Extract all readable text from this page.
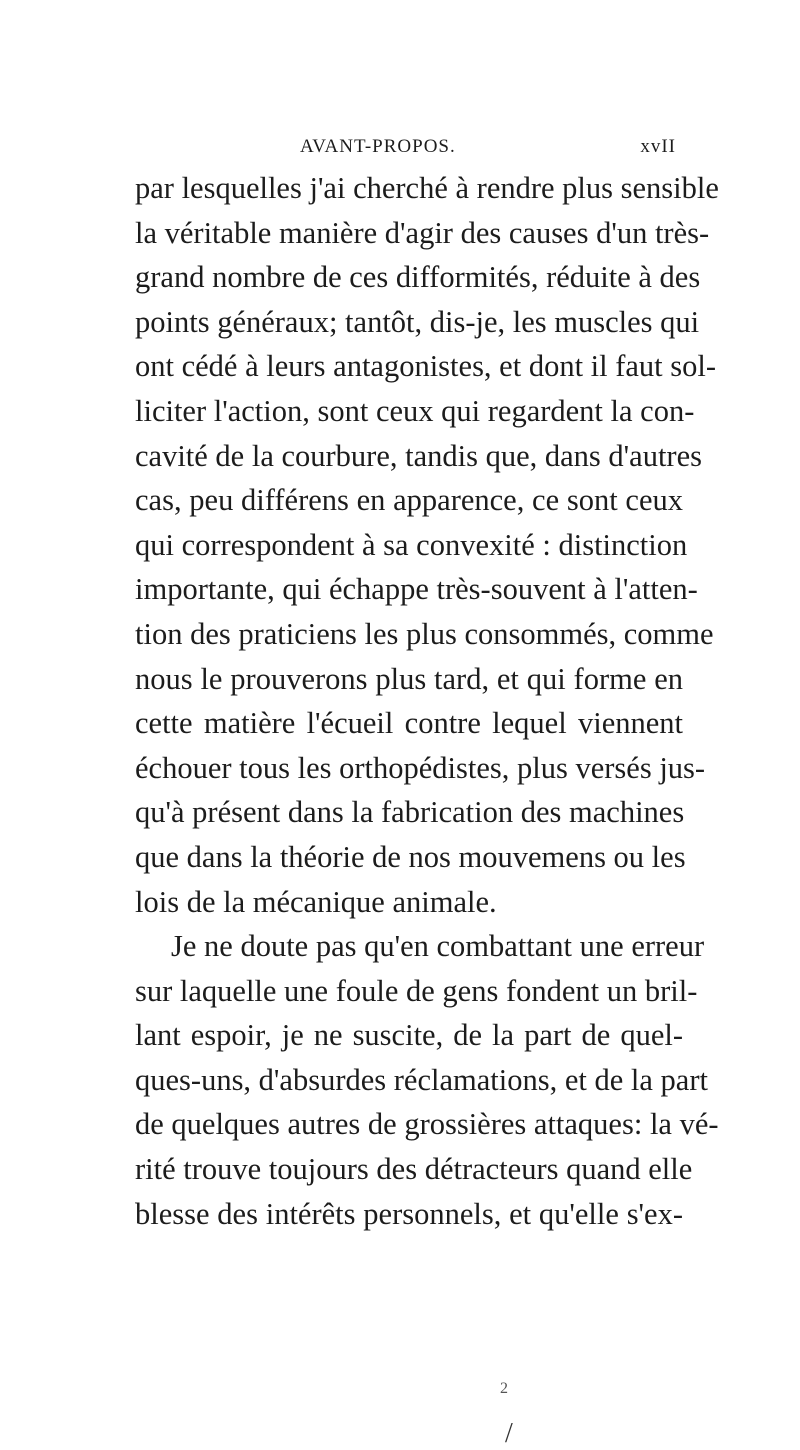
AVANT-PROPOS.	xvII
par lesquelles j'ai cherché à rendre plus sensible
la véritable manière d'agir des causes d'un très-
grand nombre de ces difformités, réduite à des
points généraux; tantôt, dis-je, les muscles qui
ont cédé à leurs antagonistes, et dont il faut sol-
liciter l'action, sont ceux qui regardent la con-
cavité de la courbure, tandis que, dans d'autres
cas, peu différens en apparence, ce sont ceux
qui correspondent à sa convexité : distinction
importante, qui échappe très-souvent à l'atten-
tion des praticiens les plus consommés, comme
nous le prouverons plus tard, et qui forme en
cette matière l'écueil contre lequel viennent
échouer tous les orthopédistes, plus versés jus-
qu'à présent dans la fabrication des machines
que dans la théorie de nos mouvemens ou les
lois de la mécanique animale.
Je ne doute pas qu'en combattant une erreur
sur laquelle une foule de gens fondent un bril-
lant espoir, je ne suscite, de la part de quel-
ques-uns, d'absurdes réclamations, et de la part
de quelques autres de grossières attaques: la vé-
rité trouve toujours des détracteurs quand elle
blesse des intérêts personnels, et qu'elle s'ex-
2
/
